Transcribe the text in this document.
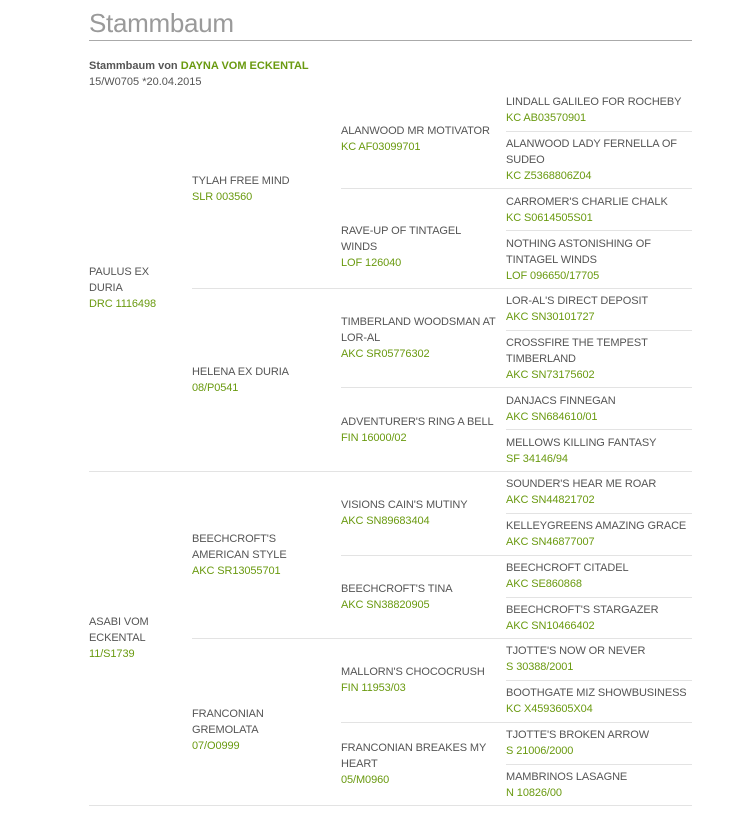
Stammbaum
Stammbaum von DAYNA VOM ECKENTAL
15/W0705 *20.04.2015
PAULUS EX DURIA
DRC 1116498
ASABI VOM ECKENTAL
11/S1739
TYLAH FREE MIND
SLR 003560
HELENA EX DURIA
08/P0541
BEECHCROFT'S AMERICAN STYLE
AKC SR13055701
FRANCONIAN GREMOLATA
07/O0999
ALANWOOD MR MOTIVATOR
KC AF03099701
RAVE-UP OF TINTAGEL WINDS
LOF 126040
TIMBERLAND WOODSMAN AT LOR-AL
AKC SR05776302
ADVENTURER'S RING A BELL
FIN 16000/02
VISIONS CAIN'S MUTINY
AKC SN89683404
BEECHCROFT'S TINA
AKC SN38820905
MALLORN'S CHOCOCRUSH
FIN 11953/03
FRANCONIAN BREAKES MY HEART
05/M0960
LINDALL GALILEO FOR ROCHEBY
KC AB03570901
ALANWOOD LADY FERNELLA OF SUDEO
KC Z5368806Z04
CARROMER'S CHARLIE CHALK
KC S0614505S01
NOTHING ASTONISHING OF TINTAGEL WINDS
LOF 096650/17705
LOR-AL'S DIRECT DEPOSIT
AKC SN30101727
CROSSFIRE THE TEMPEST TIMBERLAND
AKC SN73175602
DANJACS FINNEGAN
AKC SN684610/01
MELLOWS KILLING FANTASY
SF 34146/94
SOUNDER'S HEAR ME ROAR
AKC SN44821702
KELLEYGREENS AMAZING GRACE
AKC SN46877007
BEECHCROFT CITADEL
AKC SE860868
BEECHCROFT'S STARGAZER
AKC SN10466402
TJOTTE'S NOW OR NEVER
S 30388/2001
BOOTHGATE MIZ SHOWBUSINESS
KC X4593605X04
TJOTTE'S BROKEN ARROW
S 21006/2000
MAMBRINOS LASAGNE
N 10826/00
